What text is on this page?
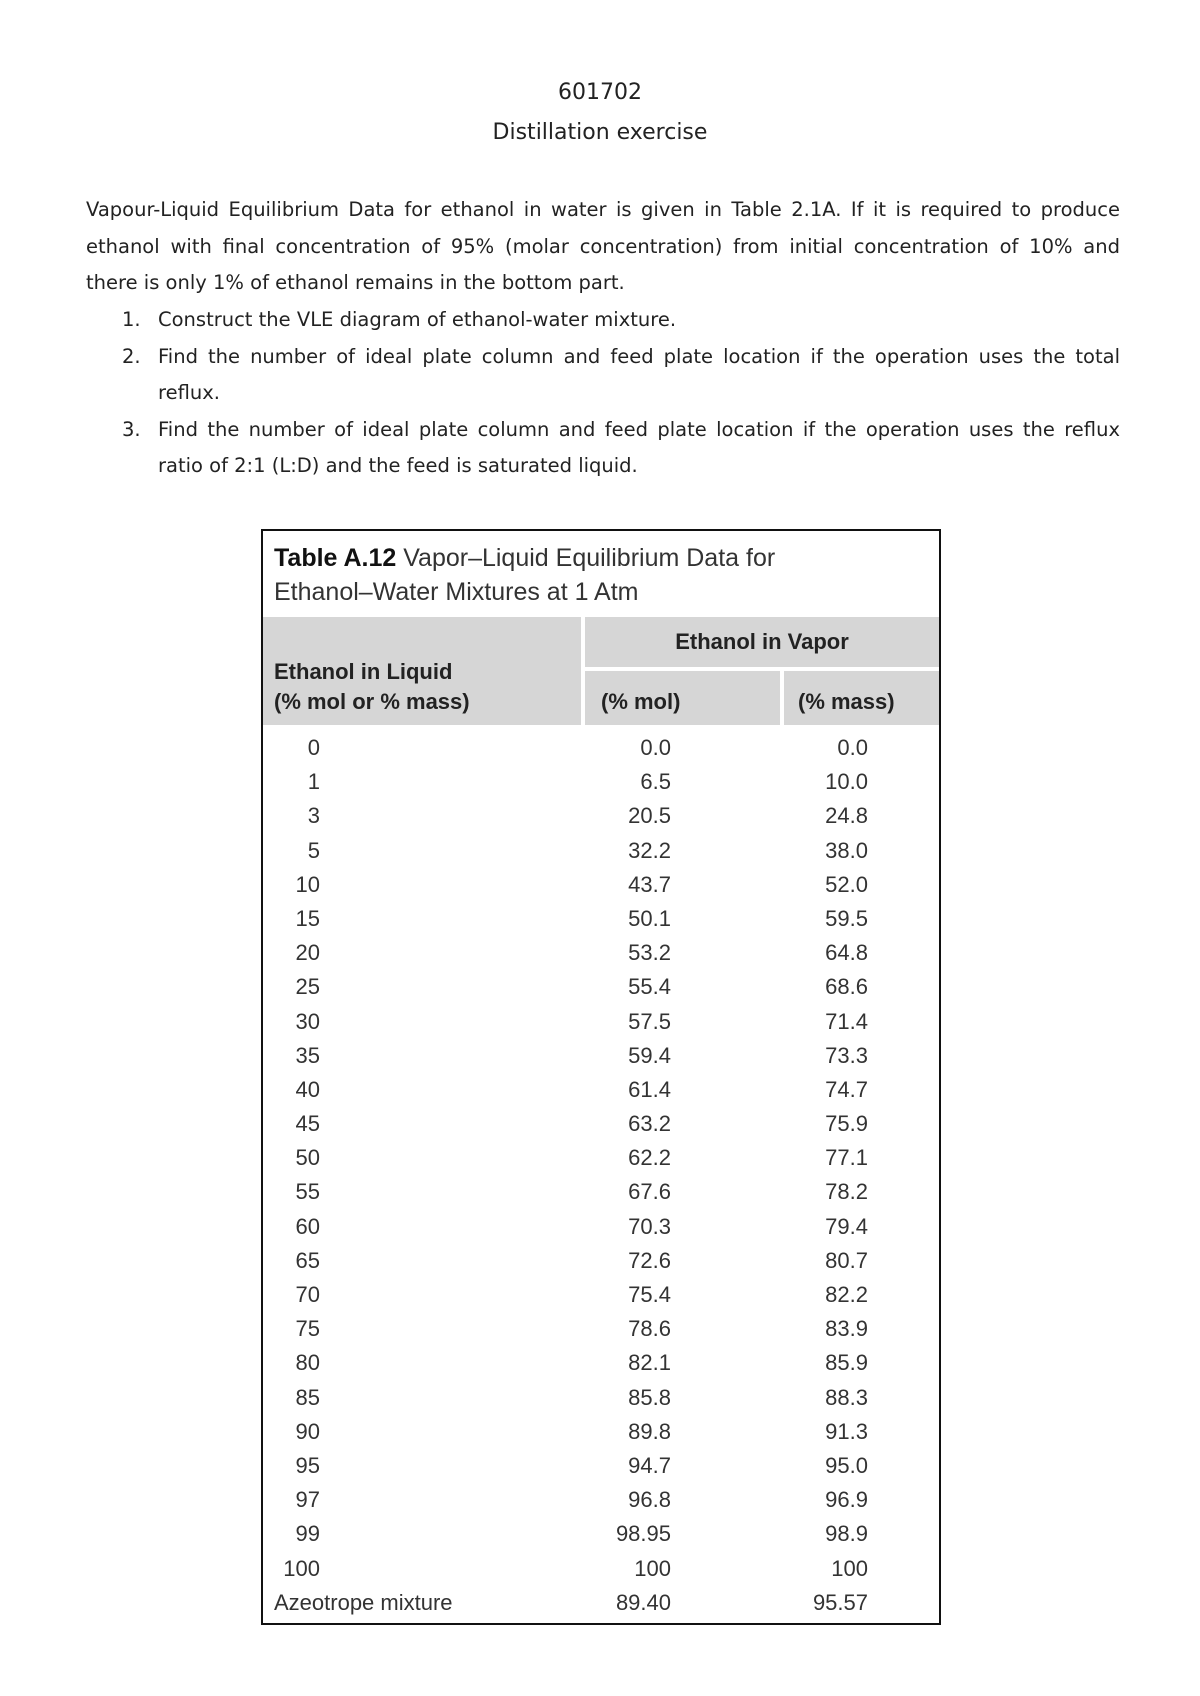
601702
Distillation exercise
Vapour-Liquid Equilibrium Data for ethanol in water is given in Table 2.1A. If it is required to produce
ethanol with final concentration of 95% (molar concentration) from initial concentration of 10% and
there is only 1% of ethanol remains in the bottom part.
1. Construct the VLE diagram of ethanol-water mixture.
2. Find the number of ideal plate column and feed plate location if the operation uses the total
reflux.
3. Find the number of ideal plate column and feed plate location if the operation uses the reflux
ratio of 2:1 (L:D) and the feed is saturated liquid.
Table A.12 Vapor–Liquid Equilibrium Data for
Ethanol–Water Mixtures at 1 Atm
Ethanol in Vapor
Ethanol in Liquid
(% mol or % mass)	(% mol)	(% mass)
0	0.0	0.0
1	6.5	10.0
3	20.5	24.8
5	32.2	38.0
10	43.7	52.0
15	50.1	59.5
20	53.2	64.8
25	55.4	68.6
30	57.5	71.4
35	59.4	73.3
40	61.4	74.7
45	63.2	75.9
50	62.2	77.1
55	67.6	78.2
60	70.3	79.4
65	72.6	80.7
70	75.4	82.2
75	78.6	83.9
80	82.1	85.9
85	85.8	88.3
90	89.8	91.3
95	94.7	95.0
97	96.8	96.9
99	98.95	98.9
100	100	100
Azeotrope mixture	89.40	95.57
